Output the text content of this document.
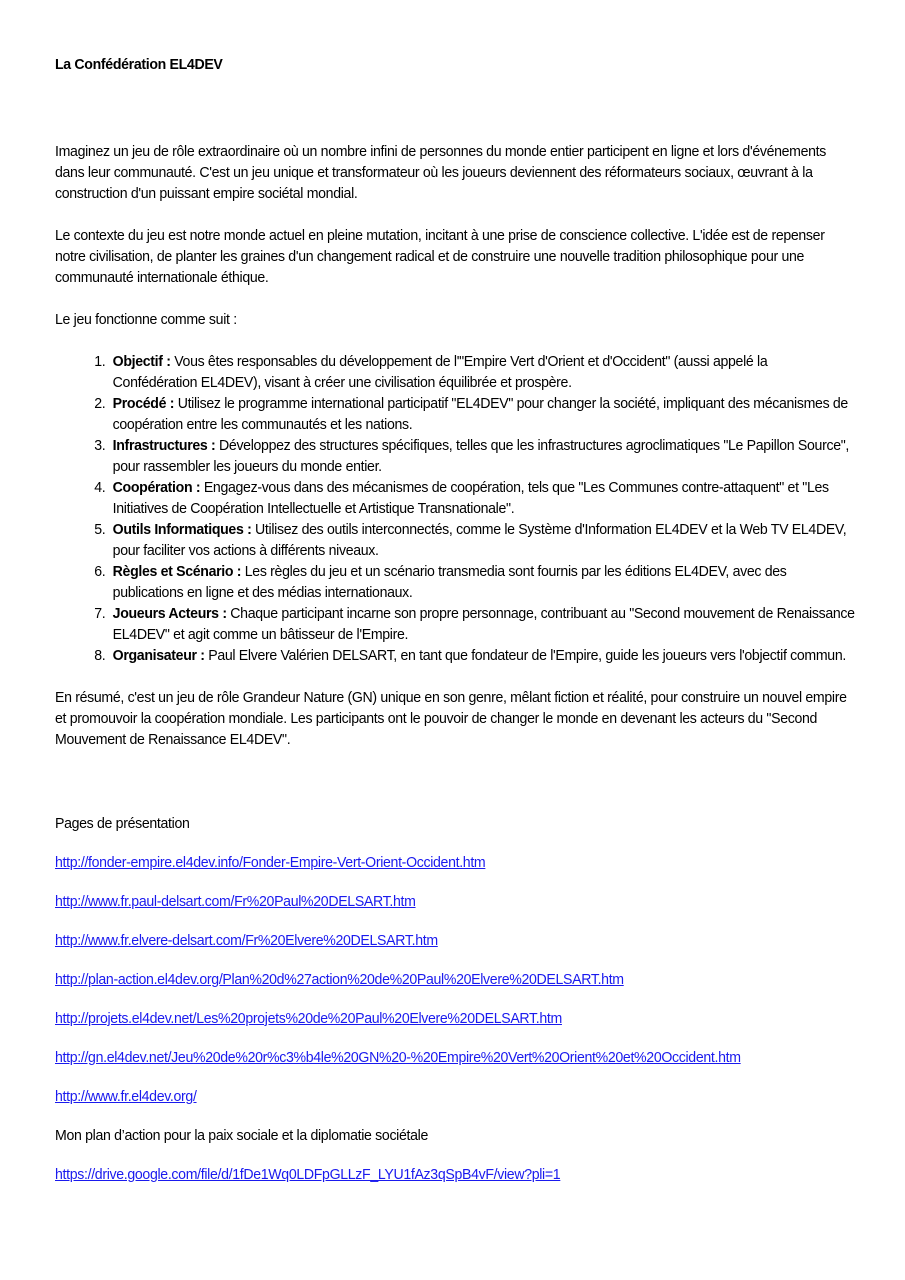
La Confédération EL4DEV

Imaginez un jeu de rôle extraordinaire où un nombre infini de personnes du monde entier participent en ligne et lors d'événements dans leur communauté. C'est un jeu unique et transformateur où les joueurs deviennent des réformateurs sociaux, œuvrant à la construction d'un puissant empire sociétal mondial.

Le contexte du jeu est notre monde actuel en pleine mutation, incitant à une prise de conscience collective. L'idée est de repenser notre civilisation, de planter les graines d'un changement radical et de construire une nouvelle tradition philosophique pour une communauté internationale éthique.

Le jeu fonctionne comme suit :

1. Objectif : Vous êtes responsables du développement de l'"Empire Vert d'Orient et d'Occident" (aussi appelé la Confédération EL4DEV), visant à créer une civilisation équilibrée et prospère.
2. Procédé : Utilisez le programme international participatif "EL4DEV" pour changer la société, impliquant des mécanismes de coopération entre les communautés et les nations.
3. Infrastructures : Développez des structures spécifiques, telles que les infrastructures agroclimatiques "Le Papillon Source", pour rassembler les joueurs du monde entier.
4. Coopération : Engagez-vous dans des mécanismes de coopération, tels que "Les Communes contre-attaquent" et "Les Initiatives de Coopération Intellectuelle et Artistique Transnationale".
5. Outils Informatiques : Utilisez des outils interconnectés, comme le Système d'Information EL4DEV et la Web TV EL4DEV, pour faciliter vos actions à différents niveaux.
6. Règles et Scénario : Les règles du jeu et un scénario transmedia sont fournis par les éditions EL4DEV, avec des publications en ligne et des médias internationaux.
7. Joueurs Acteurs : Chaque participant incarne son propre personnage, contribuant au "Second mouvement de Renaissance EL4DEV" et agit comme un bâtisseur de l'Empire.
8. Organisateur : Paul Elvere Valérien DELSART, en tant que fondateur de l'Empire, guide les joueurs vers l'objectif commun.

En résumé, c'est un jeu de rôle Grandeur Nature (GN) unique en son genre, mêlant fiction et réalité, pour construire un nouvel empire et promouvoir la coopération mondiale. Les participants ont le pouvoir de changer le monde en devenant les acteurs du "Second Mouvement de Renaissance EL4DEV".

Pages de présentation

http://fonder-empire.el4dev.info/Fonder-Empire-Vert-Orient-Occident.htm
http://www.fr.paul-delsart.com/Fr%20Paul%20DELSART.htm
http://www.fr.elvere-delsart.com/Fr%20Elvere%20DELSART.htm
http://plan-action.el4dev.org/Plan%20d%27action%20de%20Paul%20Elvere%20DELSART.htm
http://projets.el4dev.net/Les%20projets%20de%20Paul%20Elvere%20DELSART.htm
http://gn.el4dev.net/Jeu%20de%20r%c3%b4le%20GN%20-%20Empire%20Vert%20Orient%20et%20Occident.htm
http://www.fr.el4dev.org/

Mon plan d’action pour la paix sociale et la diplomatie sociétale

https://drive.google.com/file/d/1fDe1Wq0LDFpGLLzF_LYU1fAz3qSpB4vF/view?pli=1
